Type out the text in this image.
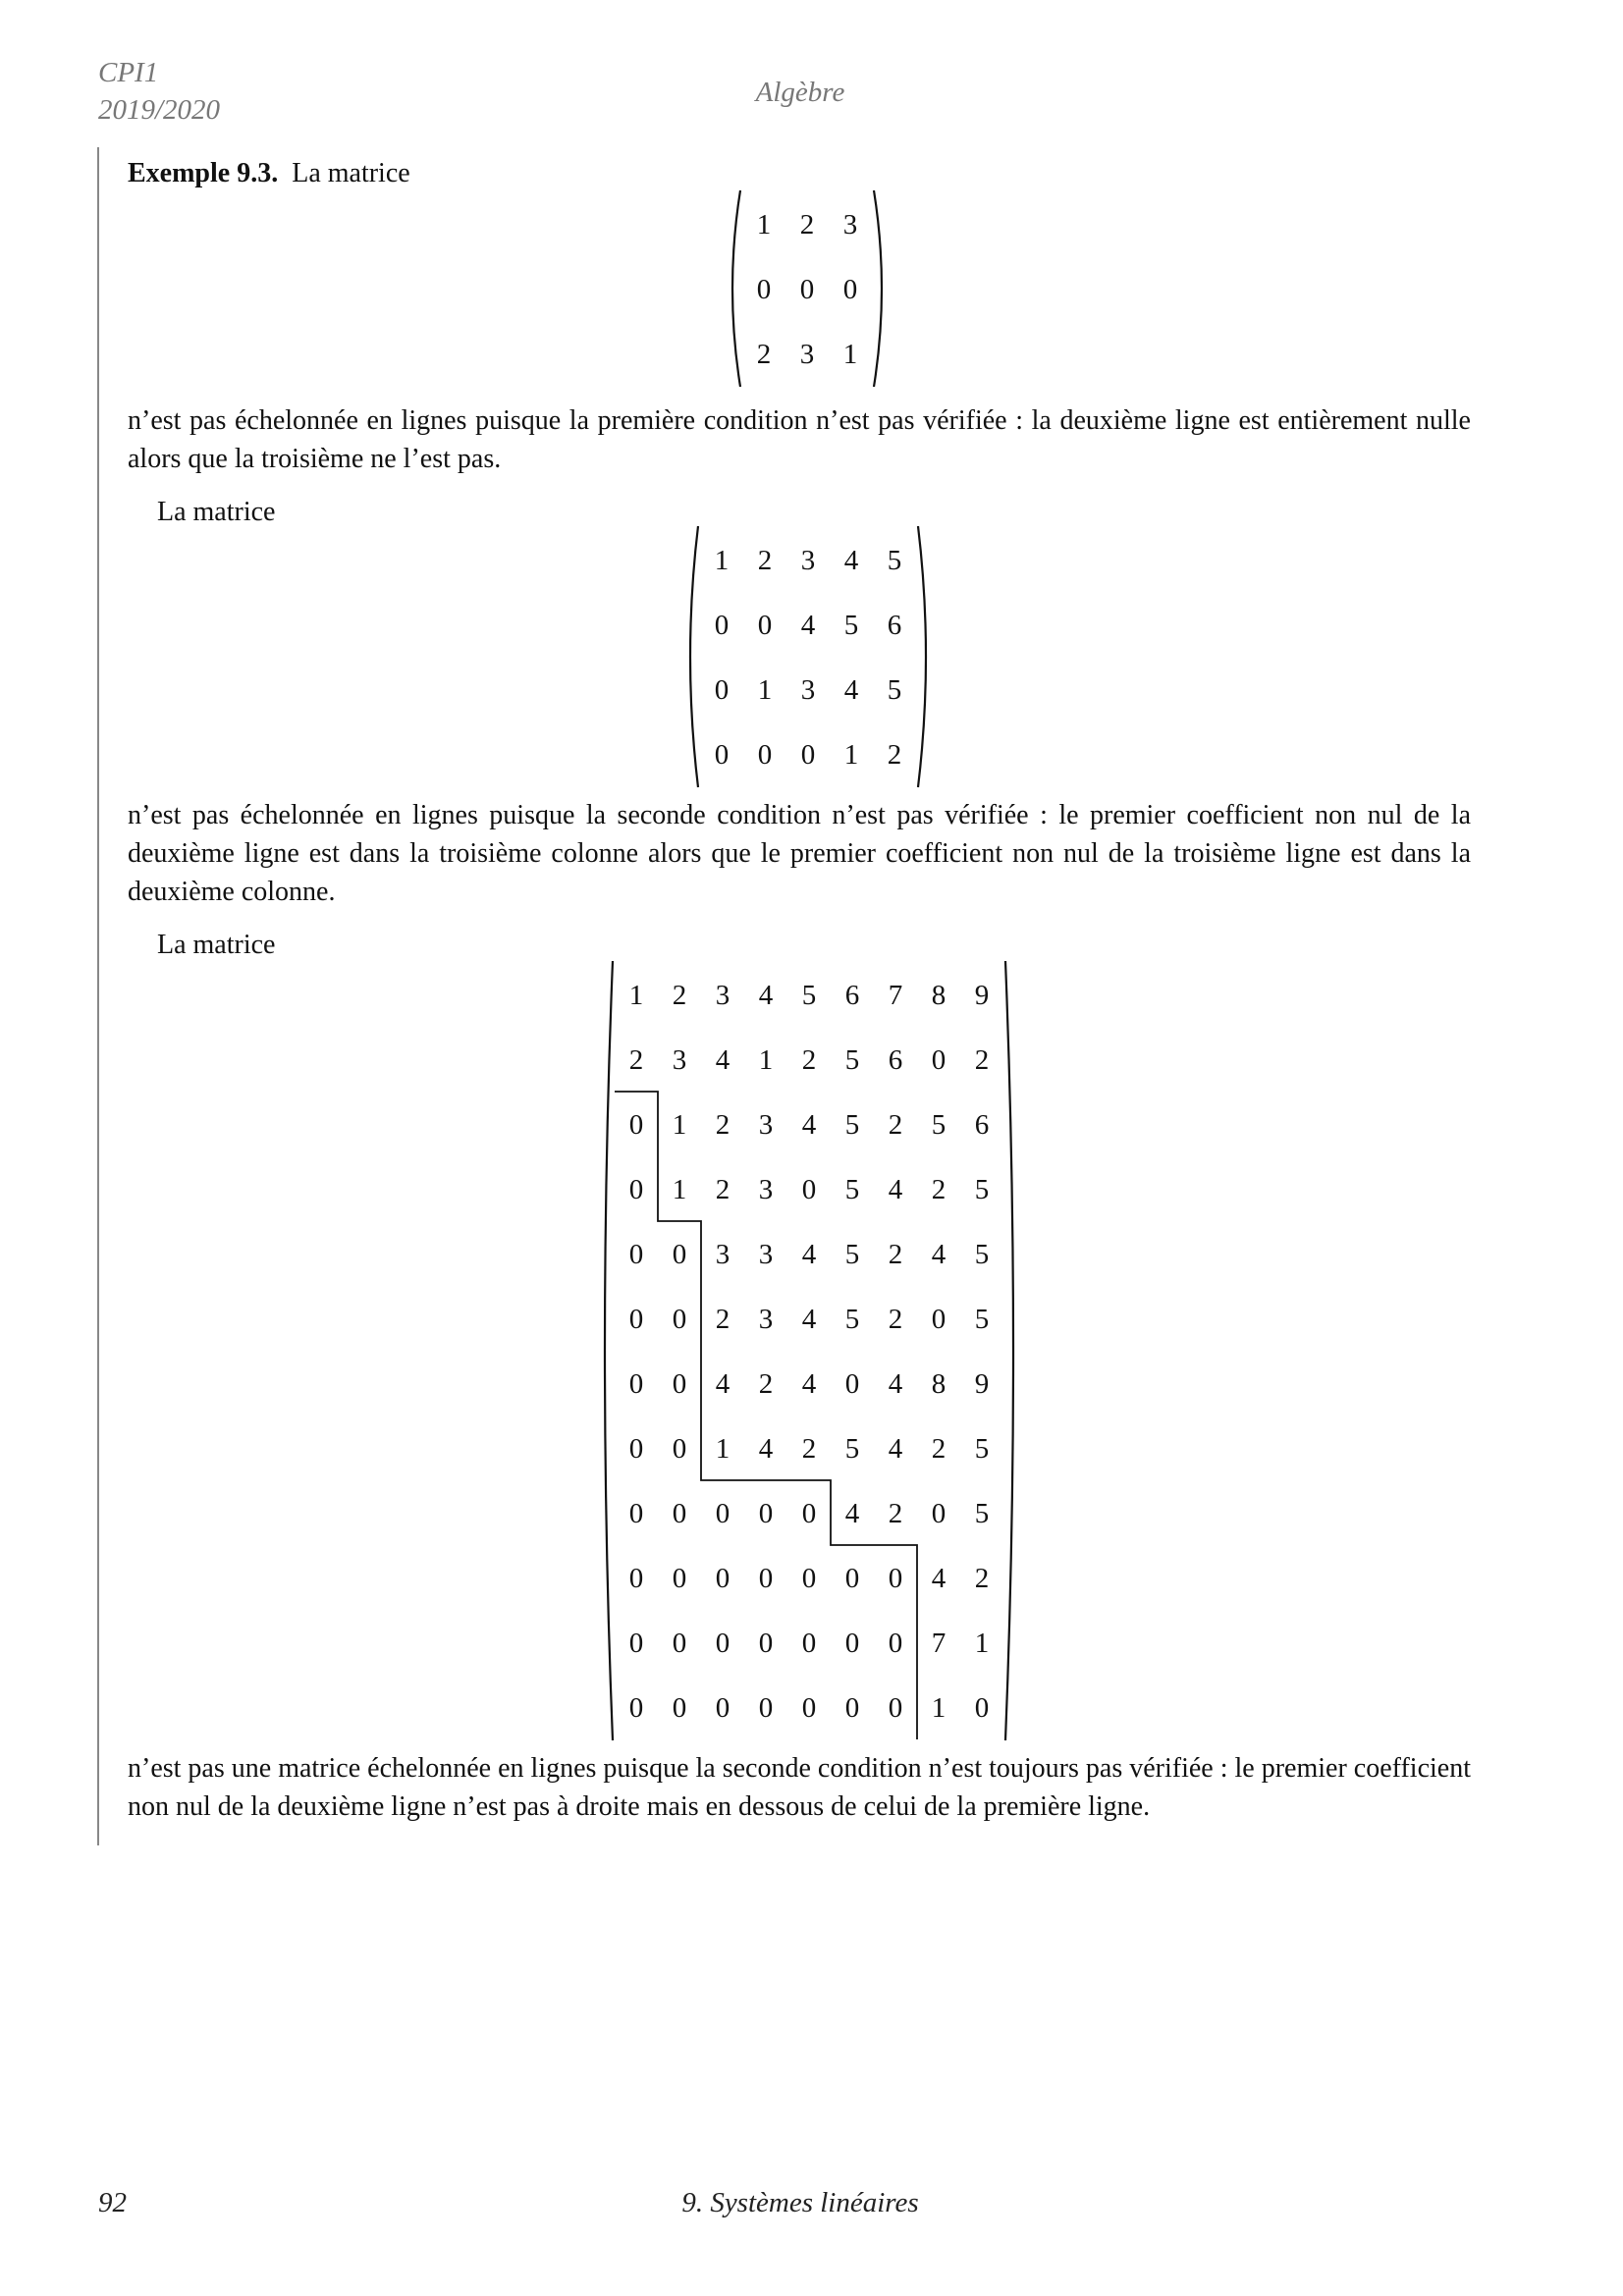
CPI1
2019/2020
Algèbre

Exemple 9.3. La matrice

1 2 3
0 0 0
2 3 1

n’est pas échelonnée en lignes puisque la première condition n’est pas vérifiée : la deuxième ligne est entièrement nulle alors que la troisième ne l’est pas.

La matrice

1 2 3 4 5
0 0 4 5 6
0 1 3 4 5
0 0 0 1 2

n’est pas échelonnée en lignes puisque la seconde condition n’est pas vérifiée : le premier coefficient non nul de la deuxième ligne est dans la troisième colonne alors que le premier coefficient non nul de la troisième ligne est dans la deuxième colonne.

La matrice

1 2 3 4 5 6 7 8 9
2 3 4 1 2 5 6 0 2
0 1 2 3 4 5 2 5 6
0 1 2 3 0 5 4 2 5
0 0 3 3 4 5 2 4 5
0 0 2 3 4 5 2 0 5
0 0 4 2 4 0 4 8 9
0 0 1 4 2 5 4 2 5
0 0 0 0 0 4 2 0 5
0 0 0 0 0 0 0 4 2
0 0 0 0 0 0 0 7 1
0 0 0 0 0 0 0 1 0

n’est pas une matrice échelonnée en lignes puisque la seconde condition n’est toujours pas vérifiée : le premier coefficient non nul de la deuxième ligne n’est pas à droite mais en dessous de celui de la première ligne.

92	9. Systèmes linéaires
